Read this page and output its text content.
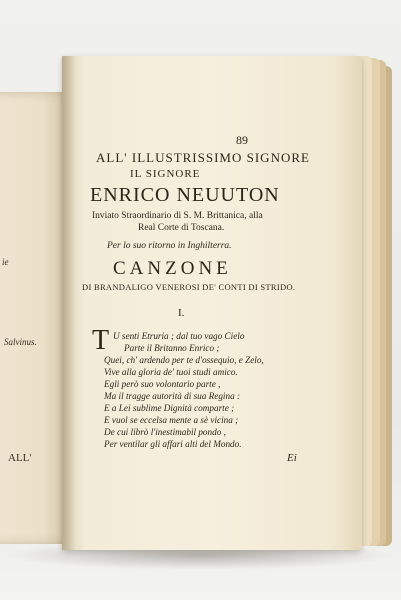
ie
Salvinus.
ALL'
89
ALL' ILLUSTRISSIMO SIGNORE
IL SIGNORE
ENRICO NEUUTON
Inviato Straordinario di S. M. Brittanica, alla
Real Corte di Toscana.
Per lo suo ritorno in Inghilterra.
CANZONE
DI BRANDALIGO VENEROSI DE' CONTI DI STRIDO.
I.
T U senti Etruria ; dal tuo vago Cielo
Parte il Britanno Enrico ;
Quei, ch' ardendo per te d'ossequio, e Zelo,
Vive alla gloria de' tuoi studi amico.
Egli però suo volontario parte ,
Ma il tragge autorità di sua Regina :
E a Lei sublime Dignità comparte ;
E vuol se eccelsa mente a sè vicina ;
De cui librò l'inestimabil pondo ,
Per ventilar gli affari alti del Mondo.
Ei
